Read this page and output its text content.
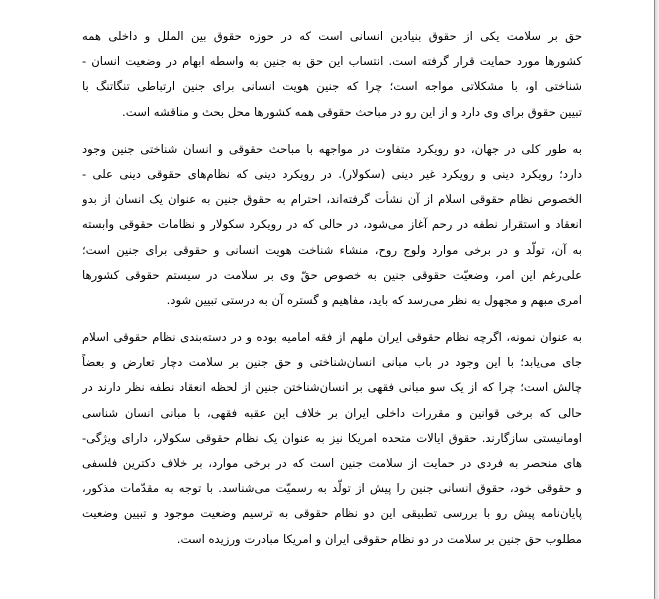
حق بر سلامت یکی از حقوق بنیادین انسانی است که در حوزه حقوق بین الملل و داخلی همه
کشورها مورد حمایت قرار گرفته است. انتساب این حق به جنین به واسطه ابهام در وضعیت انسان -
شناختی او، با مشکلاتی مواجه است؛ چرا که جنین هویت انسانی برای جنین ارتباطی تنگاتنگ با
تبیین حقوق برای وی دارد و از این رو در مباحث حقوقی همه کشورها محل بحث و مناقشه است.
به طور کلی در جهان، دو رویکرد متفاوت در مواجهه با مباحث حقوقی و انسان شناختی جنین وجود
دارد؛ رویکرد دینی و رویکرد غیر دینی (سکولار). در رویکرد دینی که نظام‌های حقوقی دینی علی -
الخصوص نظام حقوقی اسلام از آن نشأت گرفته‌اند، احترام به حقوق جنین به عنوان یک انسان از بدو
انعقاد و استقرار نطفه در رحم آغاز می‌شود، در حالی که در رویکرد سکولار و نظامات حقوقی وابسته
به آن، تولّد و در برخی موارد ولوج روح، منشاء شناخت هویت انسانی و حقوقی برای جنین است؛
علی‌رغم این امر، وضعیّت حقوقی جنین به خصوص حقّ وی بر سلامت در سیستم حقوقی کشورها
امری مبهم و مجهول به نظر می‌رسد که باید، مفاهیم و گستره آن به درستی تبیین شود.
به عنوان نمونه، اگرچه نظام حقوقی ایران ملهم از فقه امامیه بوده و در دسته‌بندی نظام حقوقی اسلام
جای می‌یابد؛ با این وجود در باب مبانی انسان‌شناختی و حق جنین بر سلامت دچار تعارض و بعضاً
چالش است؛ چرا که از یک سو مبانی فقهی بر انسان‌شناختن جنین از لحظه انعقاد نطفه نظر دارند در
حالی که برخی قوانین و مقررات داخلی ایران بر خلاف این عقبه فقهی، با مبانی انسان شناسی
اومانیستی سازگارند. حقوق ایالات متحده امریکا نیز به عنوان یک نظام حقوقی سکولار، دارای ویژگی-
های منحصر به فردی در حمایت از سلامت جنین است که در برخی موارد، بر خلاف دکترین فلسفی
و حقوقی خود، حقوق انسانی جنین را پیش از تولّد به رسمیّت می‌شناسد. با توجه به مقدّمات مذکور،
پایان‌نامه پیش رو با بررسی تطبیقی این دو نظام حقوقی به ترسیم وضعیت موجود و تبیین وضعیت
مطلوب حق جنین بر سلامت در دو نظام حقوقی ایران و امریکا مبادرت ورزیده است.
